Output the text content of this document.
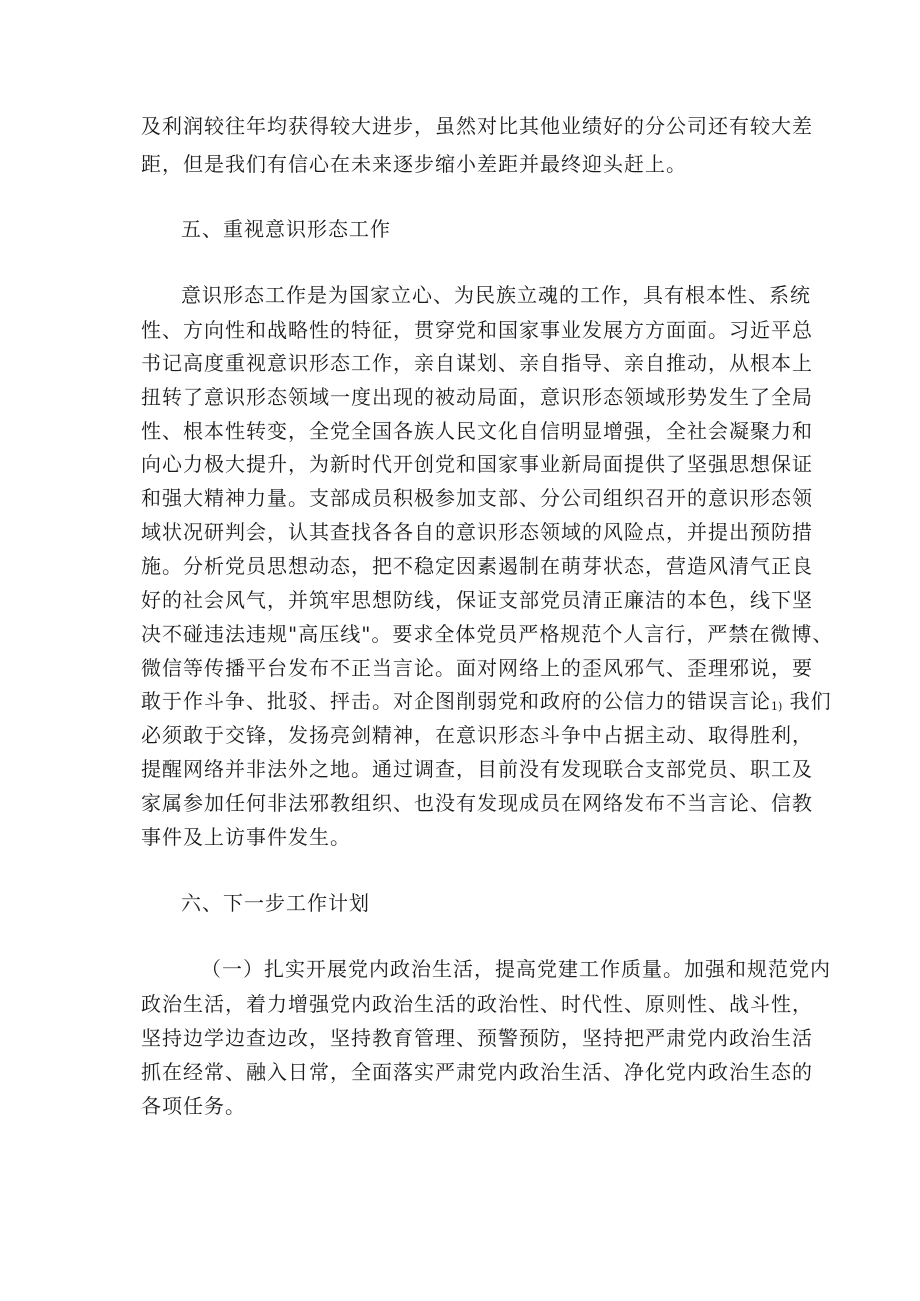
及利润较往年均获得较大进步，虽然对比其他业绩好的分公司还有较大差
距，但是我们有信心在未来逐步缩小差距并最终迎头赶上。
五、重视意识形态工作
意识形态工作是为国家立心、为民族立魂的工作，具有根本性、系统
性、方向性和战略性的特征，贯穿党和国家事业发展方方面面。习近平总
书记高度重视意识形态工作，亲自谋划、亲自指导、亲自推动，从根本上
扭转了意识形态领域一度出现的被动局面，意识形态领域形势发生了全局
性、根本性转变，全党全国各族人民文化自信明显增强，全社会凝聚力和
向心力极大提升，为新时代开创党和国家事业新局面提供了坚强思想保证
和强大精神力量。支部成员积极参加支部、分公司组织召开的意识形态领
域状况研判会，认其查找各各自的意识形态领域的风险点，并提出预防措
施。分析党员思想动态，把不稳定因素遏制在萌芽状态，营造风清气正良
好的社会风气，并筑牢思想防线，保证支部党员清正廉洁的本色，线下坚
决不碰违法违规"高压线"。要求全体党员严格规范个人言行，严禁在微博、
微信等传播平台发布不正当言论。面对网络上的歪风邪气、歪理邪说，要
敢于作斗争、批驳、抨击。对企图削弱党和政府的公信力的错误言论1) 我们
必须敢于交锋，发扬亮剑精神，在意识形态斗争中占据主动、取得胜利，
提醒网络并非法外之地。通过调查，目前没有发现联合支部党员、职工及
家属参加任何非法邪教组织、也没有发现成员在网络发布不当言论、信教
事件及上访事件发生。
六、下一步工作计划
（一）扎实开展党内政治生活，提高党建工作质量。加强和规范党内
政治生活，着力增强党内政治生活的政治性、时代性、原则性、战斗性，
坚持边学边查边改，坚持教育管理、预警预防，坚持把严肃党内政治生活
抓在经常、融入日常，全面落实严肃党内政治生活、净化党内政治生态的
各项任务。
